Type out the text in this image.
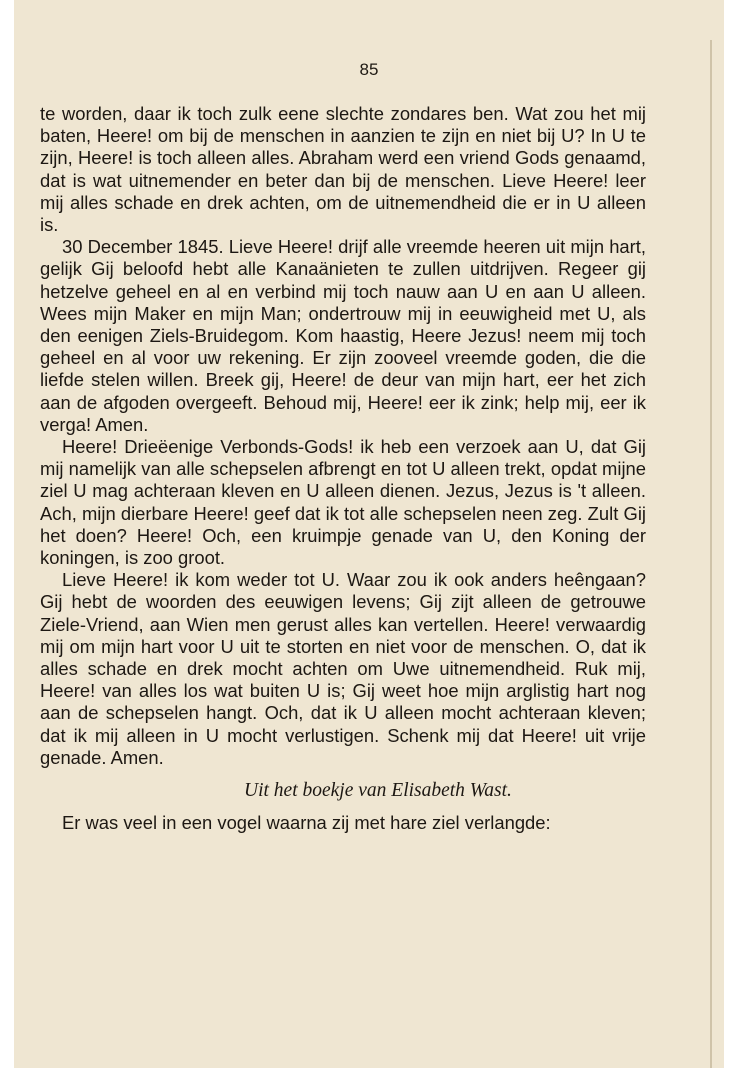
85

te worden, daar ik toch zulk eene slechte zondares ben. Wat zou het mij baten, Heere! om bij de menschen in aanzien te zijn en niet bij U? In U te zijn, Heere! is toch alleen alles. Abraham werd een vriend Gods genaamd, dat is wat uitnemender en beter dan bij de menschen. Lieve Heere! leer mij alles schade en drek achten, om de uitnemendheid die er in U alleen is.

30 December 1845. Lieve Heere! drijf alle vreemde heeren uit mijn hart, gelijk Gij beloofd hebt alle Kanaänieten te zullen uitdrijven. Regeer gij hetzelve geheel en al en verbind mij toch nauw aan U en aan U alleen. Wees mijn Maker en mijn Man; ondertrouw mij in eeuwigheid met U, als den eenigen Ziels-Bruidegom. Kom haastig, Heere Jezus! neem mij toch geheel en al voor uw rekening. Er zijn zooveel vreemde goden, die die liefde stelen willen. Breek gij, Heere! de deur van mijn hart, eer het zich aan de afgoden overgeeft. Behoud mij, Heere! eer ik zink; help mij, eer ik verga! Amen.

Heere! Drieëenige Verbonds-Gods! ik heb een verzoek aan U, dat Gij mij namelijk van alle schepselen afbrengt en tot U alleen trekt, opdat mijne ziel U mag achteraan kleven en U alleen dienen. Jezus, Jezus is 't alleen. Ach, mijn dierbare Heere! geef dat ik tot alle schepselen neen zeg. Zult Gij het doen? Heere! Och, een kruimpje genade van U, den Koning der koningen, is zoo groot.

Lieve Heere! ik kom weder tot U. Waar zou ik ook anders heêngaan? Gij hebt de woorden des eeuwigen levens; Gij zijt alleen de getrouwe Ziele-Vriend, aan Wien men gerust alles kan vertellen. Heere! verwaardig mij om mijn hart voor U uit te storten en niet voor de menschen. O, dat ik alles schade en drek mocht achten om Uwe uitnemendheid. Ruk mij, Heere! van alles los wat buiten U is; Gij weet hoe mijn arglistig hart nog aan de schepselen hangt. Och, dat ik U alleen mocht achteraan kleven; dat ik mij alleen in U mocht verlustigen. Schenk mij dat Heere! uit vrije genade. Amen.

Uit het boekje van Elisabeth Wast.

Er was veel in een vogel waarna zij met hare ziel verlangde:
